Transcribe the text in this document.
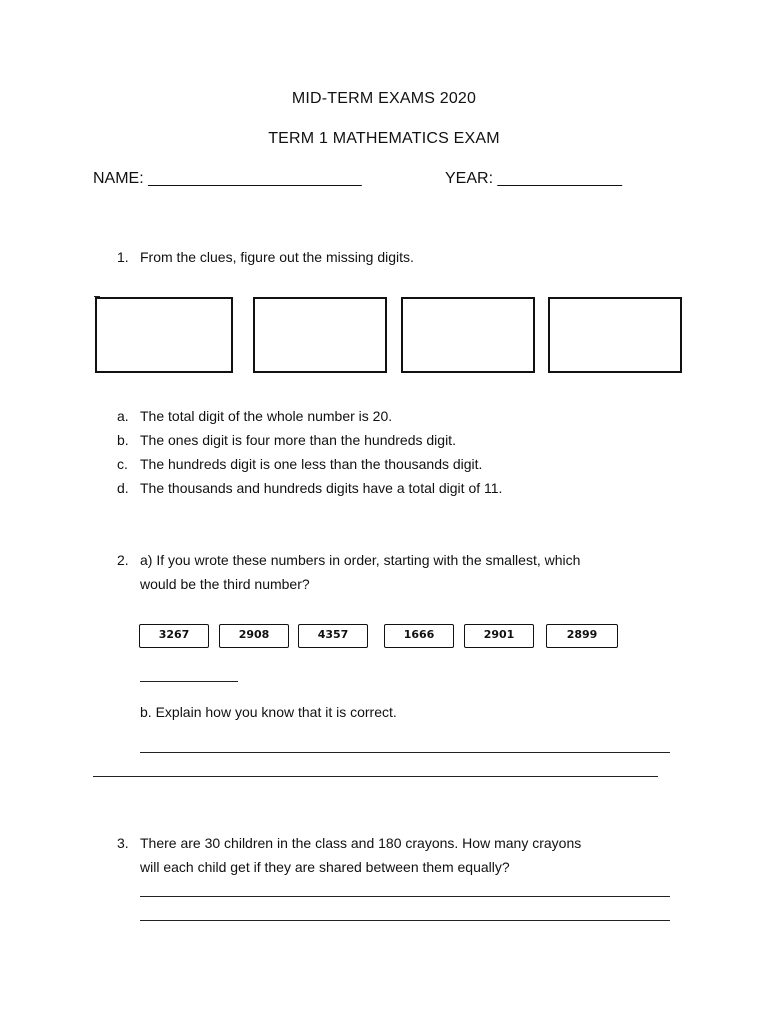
MID-TERM EXAMS 2020
TERM 1 MATHEMATICS EXAM
NAME: ________________________	YEAR: ______________
1. From the clues, figure out the missing digits.
a. The total digit of the whole number is 20.
b. The ones digit is four more than the hundreds digit.
c. The hundreds digit is one less than the thousands digit.
d. The thousands and hundreds digits have a total digit of 11.
2. a) If you wrote these numbers in order, starting with the smallest, which
would be the third number?
3267	2908	4357	1666	2901	2899
b. Explain how you know that it is correct.
3. There are 30 children in the class and 180 crayons. How many crayons
will each child get if they are shared between them equally?
